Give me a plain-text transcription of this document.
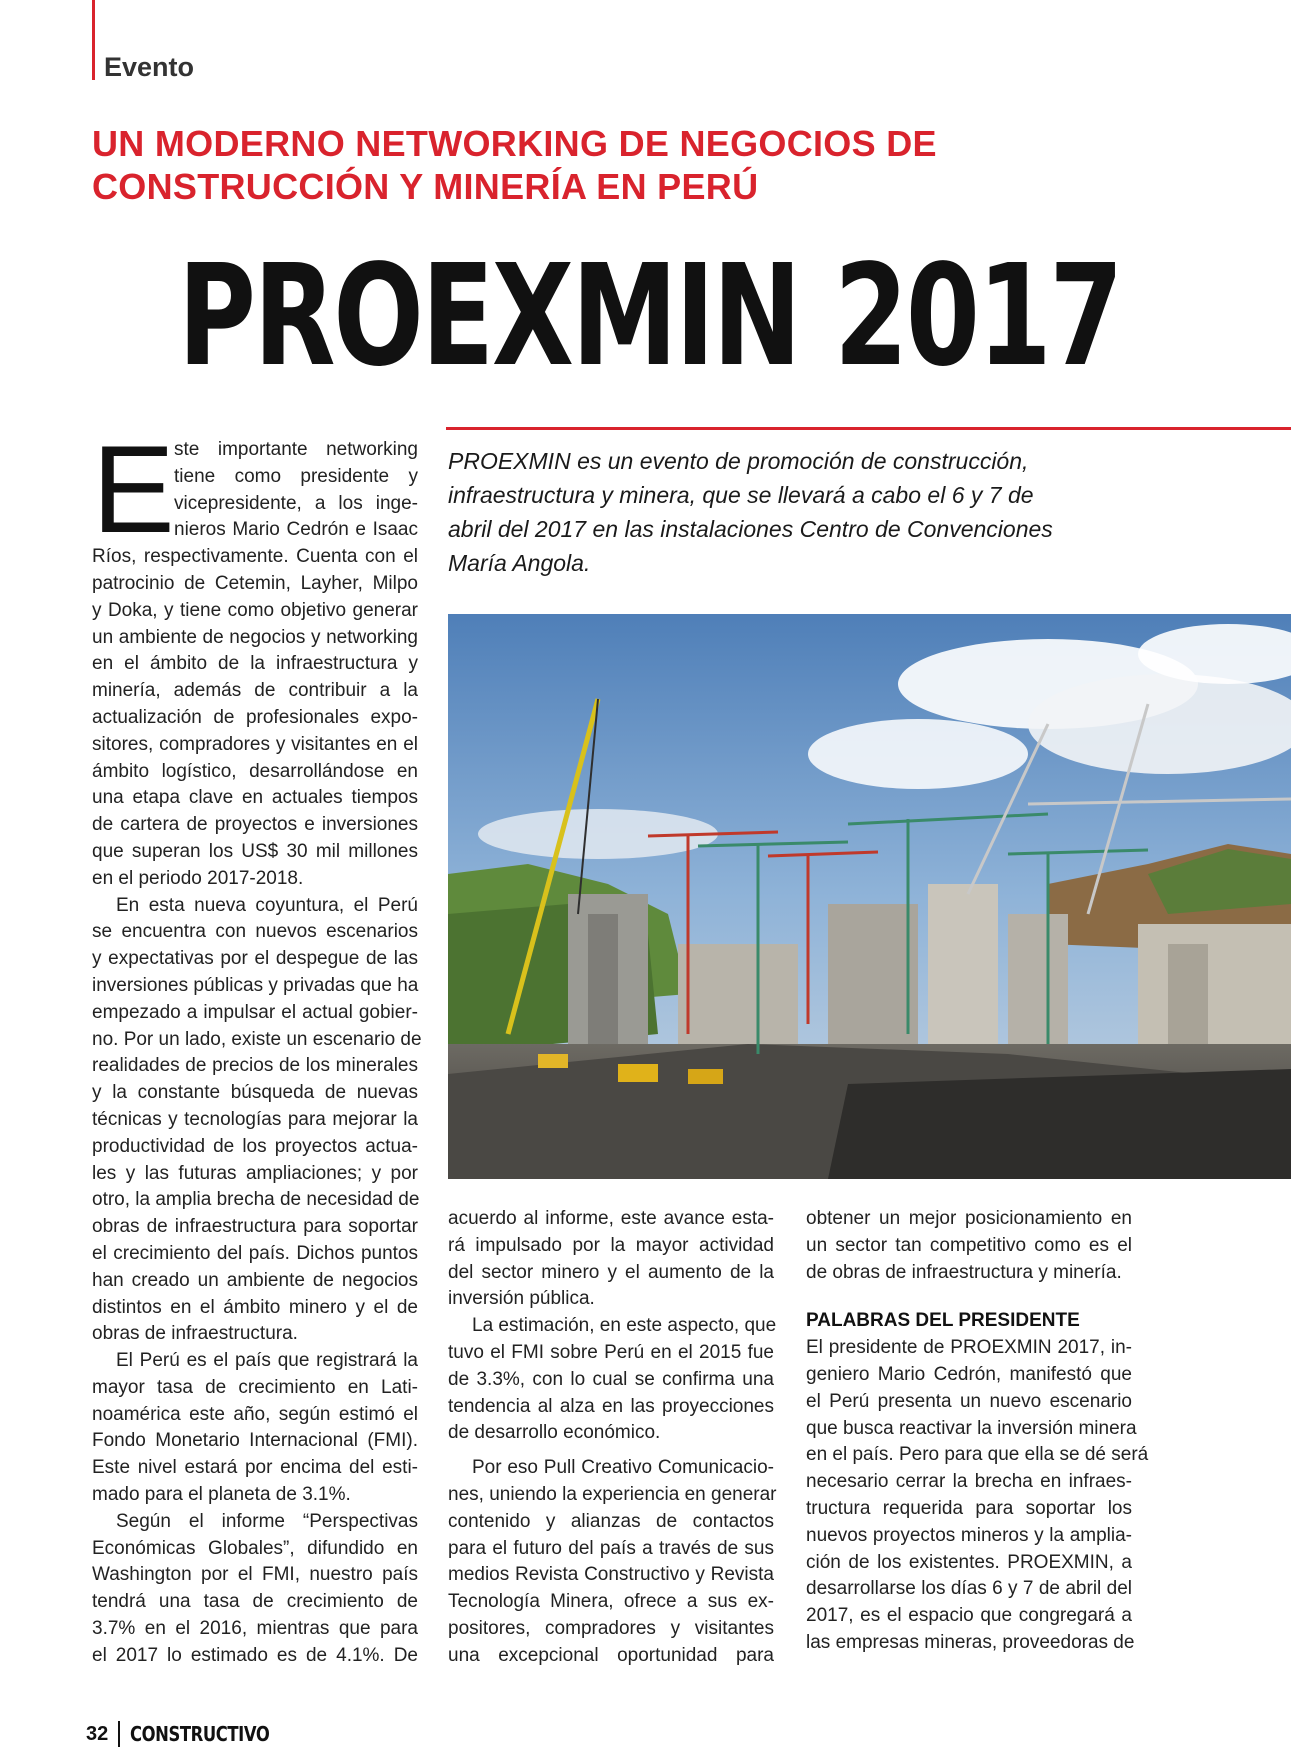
Evento
UN MODERNO NETWORKING DE NEGOCIOS DE
CONSTRUCCIÓN Y MINERÍA EN PERÚ
PROEXMIN 2017
PROEXMIN es un evento de promoción de construcción,
infraestructura y minera, que se llevará a cabo el 6 y 7 de
abril del 2017 en las instalaciones Centro de Convenciones
María Angola.
E ste importante networking
tiene como presidente y
vicepresidente, a los inge-
nieros Mario Cedrón e Isaac
Ríos, respectivamente. Cuenta con el
patrocinio de Cetemin, Layher, Milpo
y Doka, y tiene como objetivo generar
un ambiente de negocios y networking
en el ámbito de la infraestructura y
minería, además de contribuir a la
actualización de profesionales expo-
sitores, compradores y visitantes en el
ámbito logístico, desarrollándose en
una etapa clave en actuales tiempos
de cartera de proyectos e inversiones
que superan los US$ 30 mil millones
en el periodo 2017-2018.
En esta nueva coyuntura, el Perú
se encuentra con nuevos escenarios
y expectativas por el despegue de las
inversiones públicas y privadas que ha
empezado a impulsar el actual gobier-
no. Por un lado, existe un escenario de
realidades de precios de los minerales
y la constante búsqueda de nuevas
técnicas y tecnologías para mejorar la
productividad de los proyectos actua-
les y las futuras ampliaciones; y por
otro, la amplia brecha de necesidad de
obras de infraestructura para soportar
el crecimiento del país. Dichos puntos
han creado un ambiente de negocios
distintos en el ámbito minero y el de
obras de infraestructura.
El Perú es el país que registrará la
mayor tasa de crecimiento en Lati-
noamérica este año, según estimó el
Fondo Monetario Internacional (FMI).
Este nivel estará por encima del esti-
mado para el planeta de 3.1%.
Según el informe “Perspectivas
Económicas Globales”, difundido en
Washington por el FMI, nuestro país
tendrá una tasa de crecimiento de
3.7% en el 2016, mientras que para
el 2017 lo estimado es de 4.1%. De
acuerdo al informe, este avance esta-
rá impulsado por la mayor actividad
del sector minero y el aumento de la
inversión pública.
La estimación, en este aspecto, que
tuvo el FMI sobre Perú en el 2015 fue
de 3.3%, con lo cual se confirma una
tendencia al alza en las proyecciones
de desarrollo económico.
Por eso Pull Creativo Comunicacio-
nes, uniendo la experiencia en generar
contenido y alianzas de contactos
para el futuro del país a través de sus
medios Revista Constructivo y Revista
Tecnología Minera, ofrece a sus ex-
positores, compradores y visitantes
una excepcional oportunidad para
obtener un mejor posicionamiento en
un sector tan competitivo como es el
de obras de infraestructura y minería.
PALABRAS DEL PRESIDENTE
El presidente de PROEXMIN 2017, in-
geniero Mario Cedrón, manifestó que
el Perú presenta un nuevo escenario
que busca reactivar la inversión minera
en el país. Pero para que ella se dé será
necesario cerrar la brecha en infraes-
tructura requerida para soportar los
nuevos proyectos mineros y la amplia-
ción de los existentes. PROEXMIN, a
desarrollarse los días 6 y 7 de abril del
2017, es el espacio que congregará a
las empresas mineras, proveedoras de
32 CONSTRUCTIVO
